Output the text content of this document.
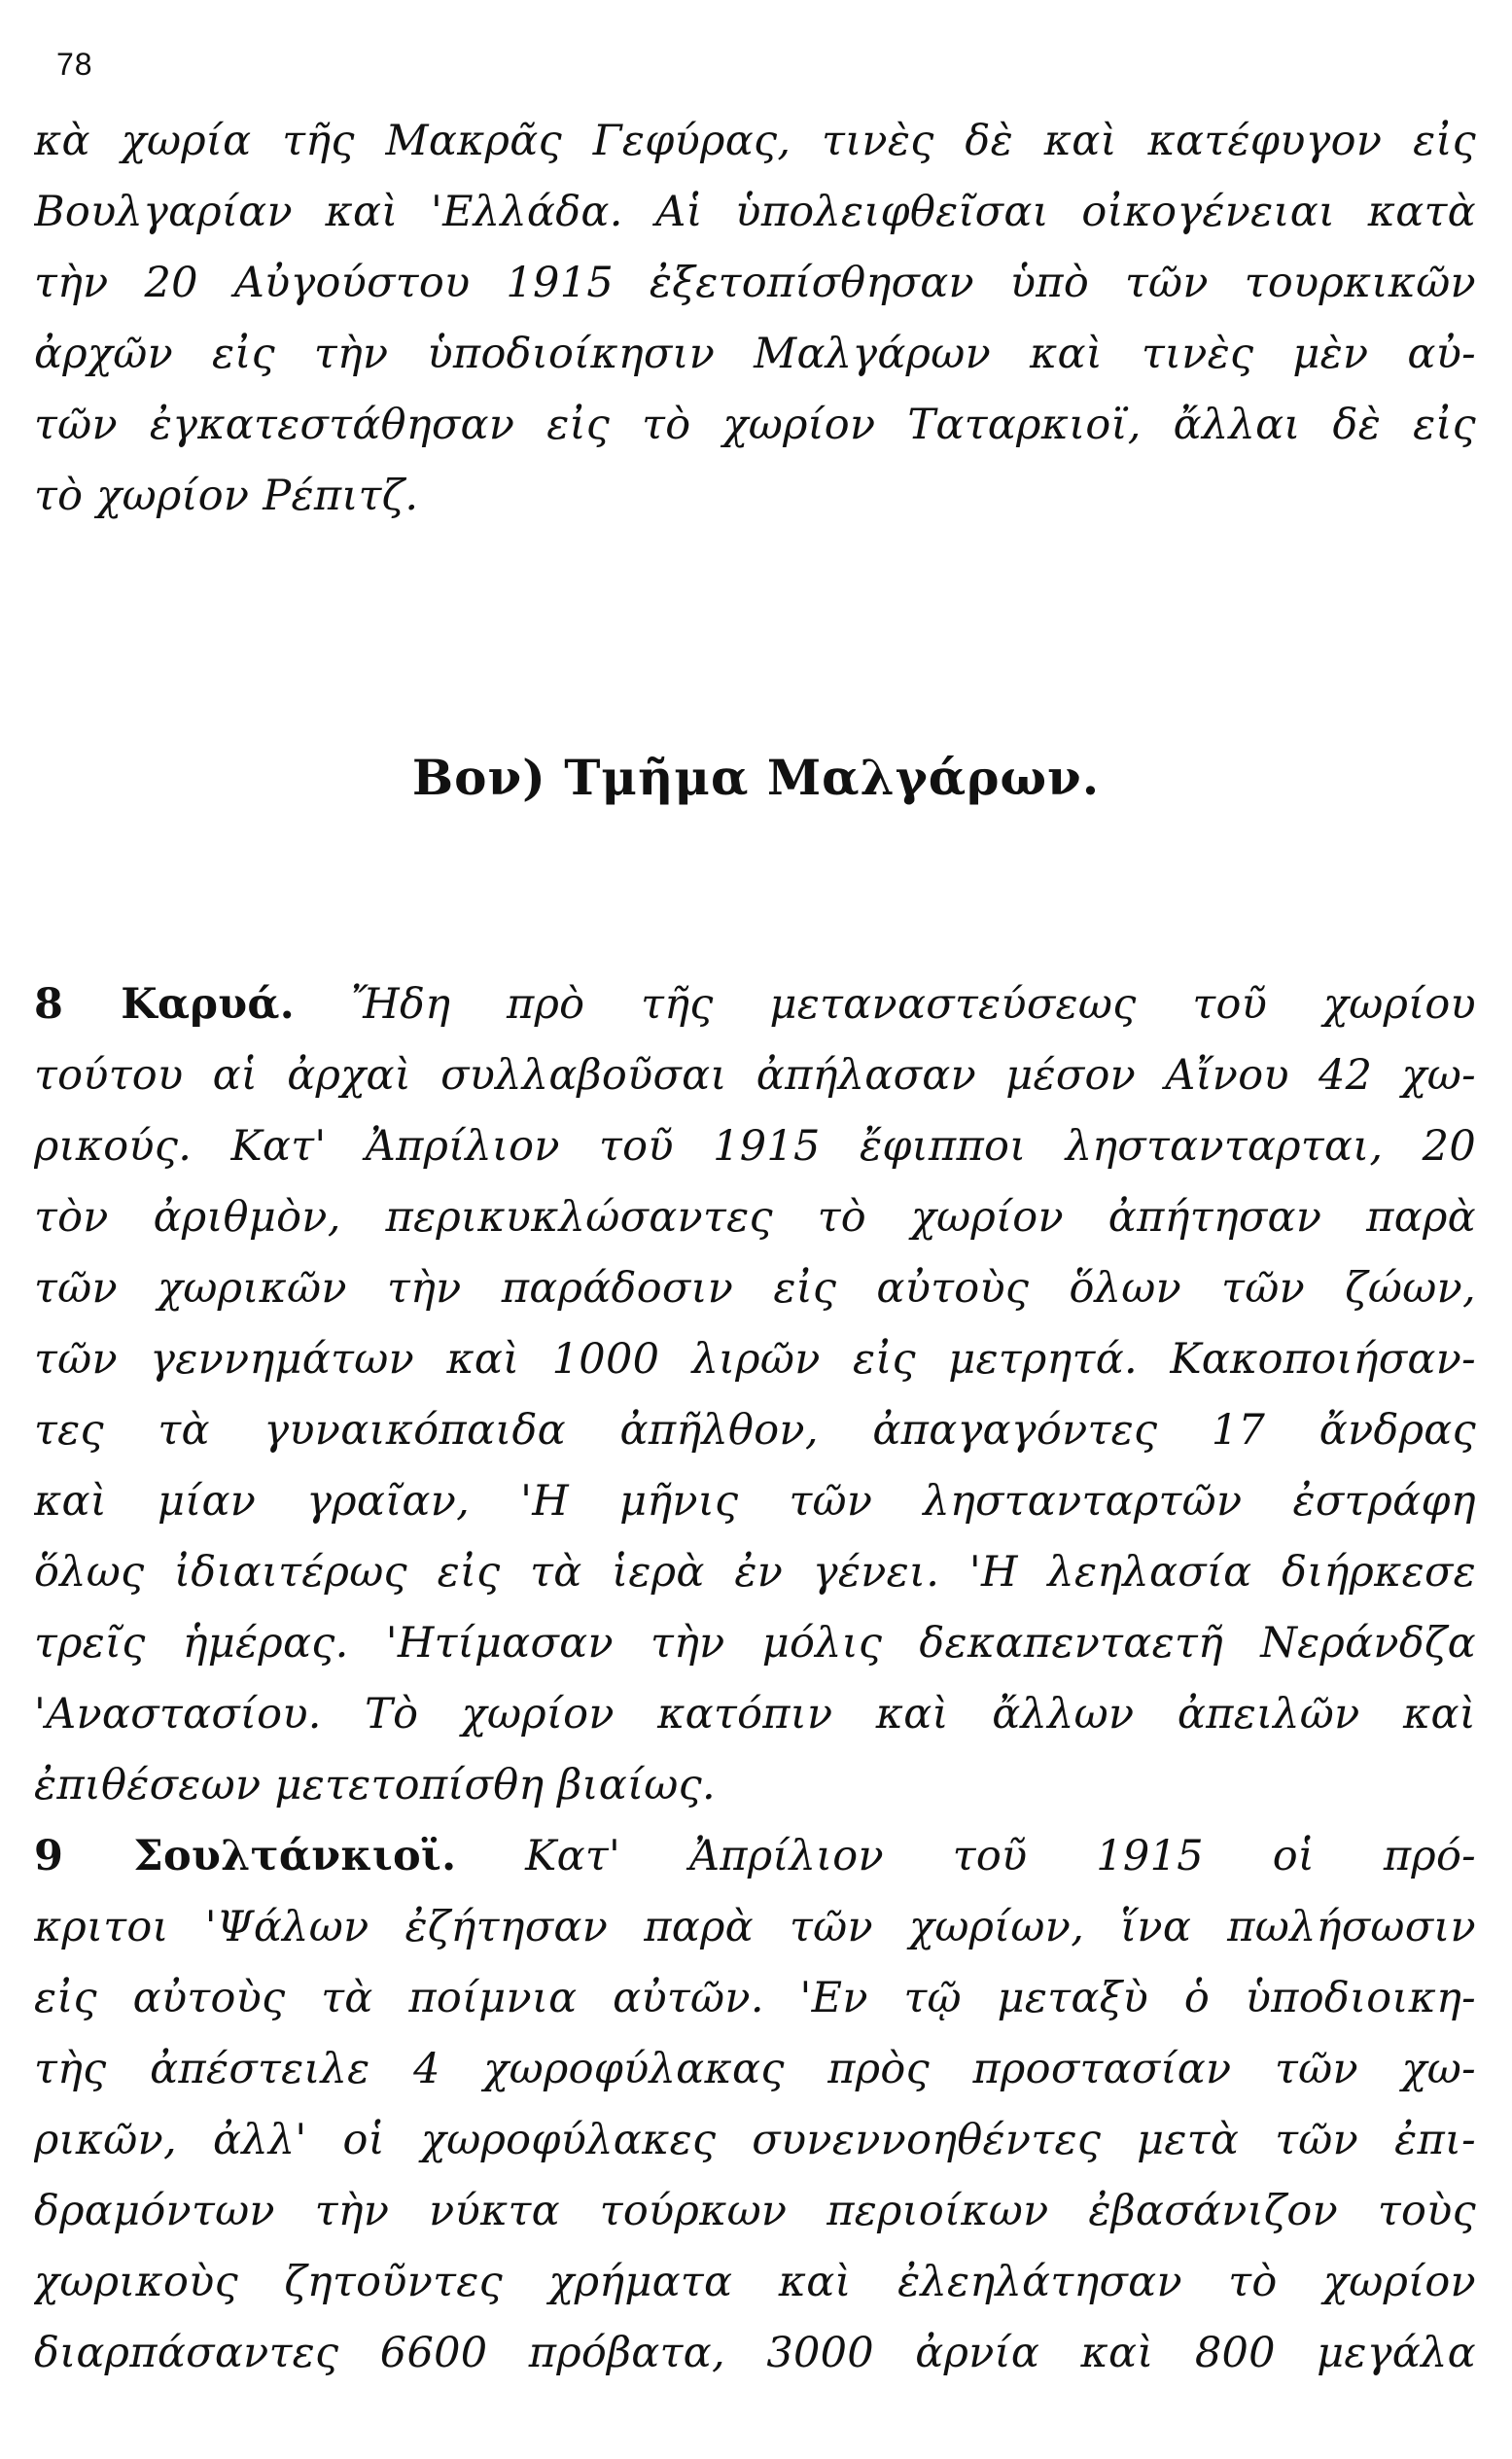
78
κὰ χωρία τῆς Μακρᾶς Γεφύρας, τινὲς δὲ καὶ κατέφυγον εἰς
Βουλγαρίαν καὶ 'Ελλάδα. Αἱ ὑπολειφθεῖσαι οἰκογένειαι κατὰ
τὴν 20 Αὐγούστου 1915 ἐξετοπίσθησαν ὑπὸ τῶν τουρκικῶν
ἀρχῶν εἰς τὴν ὑποδιοίκησιν Μαλγάρων καὶ τινὲς μὲν αὐ-
τῶν ἐγκατεστάθησαν εἰς τὸ χωρίον Ταταρκιοϊ, ἄλλαι δὲ εἰς
τὸ χωρίον Ρέπιτζ.
Βον) Τμῆμα Μαλγάρων.
8 Καρυά. Ἤδη πρὸ τῆς μεταναστεύσεως τοῦ χωρίου
τούτου αἱ ἀρχαὶ συλλαβοῦσαι ἀπήλασαν μέσον Αἴνου 42 χω-
ρικούς. Κατ' Ἀπρίλιον τοῦ 1915 ἔφιπποι ληστανταρται, 20
τὸν ἀριθμὸν, περικυκλώσαντες τὸ χωρίον ἀπήτησαν παρὰ
τῶν χωρικῶν τὴν παράδοσιν εἰς αὐτοὺς ὅλων τῶν ζώων,
τῶν γεννημάτων καὶ 1000 λιρῶν εἰς μετρητά. Κακοποιήσαν-
τες τὰ γυναικόπαιδα ἀπῆλθον, ἀπαγαγόντες 17 ἄνδρας
καὶ μίαν γραῖαν, 'Η μῆνις τῶν ληστανταρτῶν ἐστράφη
ὅλως ἰδιαιτέρως εἰς τὰ ἱερὰ ἐν γένει. 'Η λεηλασία διήρκεσε
τρεῖς ἡμέρας. 'Ητίμασαν τὴν μόλις δεκαπενταετῆ Νεράνδζα
'Αναστασίου. Τὸ χωρίον κατόπιν καὶ ἄλλων ἀπειλῶν καὶ
ἐπιθέσεων μετετοπίσθη βιαίως.
9 Σουλτάνκιοϊ. Κατ' Ἀπρίλιον τοῦ 1915 οἱ πρό-
κριτοι 'Ψάλων ἐζήτησαν παρὰ τῶν χωρίων, ἵνα πωλήσωσιν
εἰς αὐτοὺς τὰ ποίμνια αὐτῶν. 'Εν τῷ μεταξὺ ὁ ὑποδιοικη-
τὴς ἀπέστειλε 4 χωροφύλακας πρὸς προστασίαν τῶν χω-
ρικῶν, ἀλλ' οἱ χωροφύλακες συνεννοηθέντες μετὰ τῶν ἐπι-
δραμόντων τὴν νύκτα τούρκων περιοίκων ἐβασάνιζον τοὺς
χωρικοὺς ζητοῦντες χρήματα καὶ ἐλεηλάτησαν τὸ χωρίον
διαρπάσαντες 6600 πρόβατα, 3000 ἀρνία καὶ 800 μεγάλα
